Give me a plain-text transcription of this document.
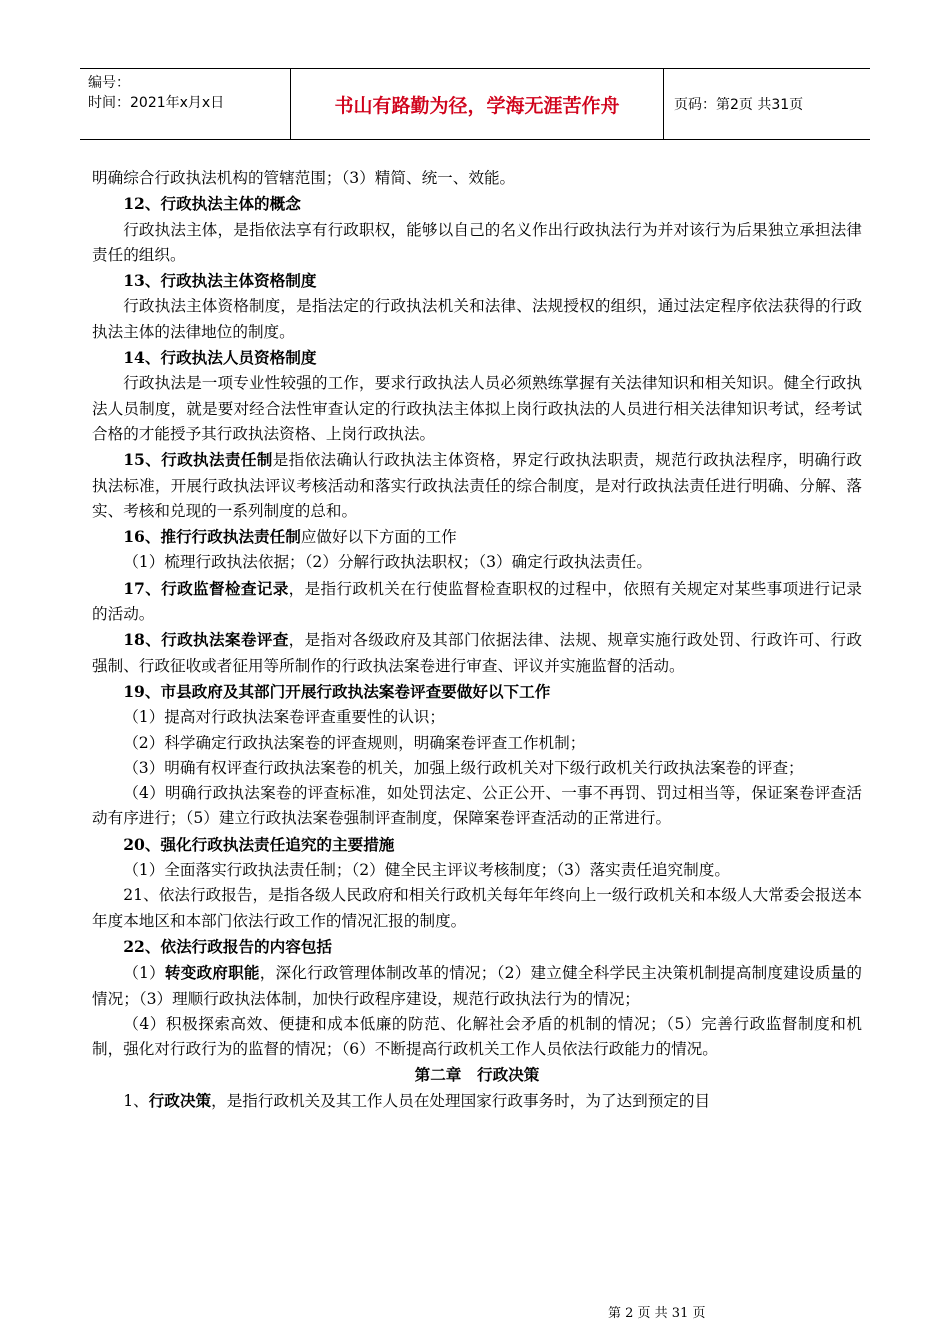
编号：
时间：2021年x月x日	书山有路勤为径，学海无涯苦作舟	页码：第2页 共31页

明确综合行政执法机构的管辖范围；（3）精简、统一、效能。

12、行政执法主体的概念

行政执法主体，是指依法享有行政职权，能够以自己的名义作出行政执法行为并对该行为后果独立承担法律责任的组织。

13、行政执法主体资格制度

行政执法主体资格制度，是指法定的行政执法机关和法律、法规授权的组织，通过法定程序依法获得的行政执法主体的法律地位的制度。

14、行政执法人员资格制度

行政执法是一项专业性较强的工作，要求行政执法人员必须熟练掌握有关法律知识和相关知识。健全行政执法人员制度，就是要对经合法性审查认定的行政执法主体拟上岗行政执法的人员进行相关法律知识考试，经考试合格的才能授予其行政执法资格、上岗行政执法。

15、行政执法责任制是指依法确认行政执法主体资格，界定行政执法职责，规范行政执法程序，明确行政执法标准，开展行政执法评议考核活动和落实行政执法责任的综合制度，是对行政执法责任进行明确、分解、落实、考核和兑现的一系列制度的总和。

16、推行行政执法责任制应做好以下方面的工作

（1）梳理行政执法依据；（2）分解行政执法职权；（3）确定行政执法责任。

17、行政监督检查记录，是指行政机关在行使监督检查职权的过程中，依照有关规定对某些事项进行记录的活动。

18、行政执法案卷评查，是指对各级政府及其部门依据法律、法规、规章实施行政处罚、行政许可、行政强制、行政征收或者征用等所制作的行政执法案卷进行审查、评议并实施监督的活动。

19、市县政府及其部门开展行政执法案卷评查要做好以下工作

（1）提高对行政执法案卷评查重要性的认识；

（2）科学确定行政执法案卷的评查规则，明确案卷评查工作机制；

（3）明确有权评查行政执法案卷的机关，加强上级行政机关对下级行政机关行政执法案卷的评查；

（4）明确行政执法案卷的评查标准，如处罚法定、公正公开、一事不再罚、罚过相当等，保证案卷评查活动有序进行；（5）建立行政执法案卷强制评查制度，保障案卷评查活动的正常进行。

20、强化行政执法责任追究的主要措施

（1）全面落实行政执法责任制；（2）健全民主评议考核制度；（3）落实责任追究制度。

21、依法行政报告，是指各级人民政府和相关行政机关每年年终向上一级行政机关和本级人大常委会报送本年度本地区和本部门依法行政工作的情况汇报的制度。

22、依法行政报告的内容包括

（1）转变政府职能，深化行政管理体制改革的情况；（2）建立健全科学民主决策机制提高制度建设质量的情况；（3）理顺行政执法体制，加快行政程序建设，规范行政执法行为的情况；

（4）积极探索高效、便捷和成本低廉的防范、化解社会矛盾的机制的情况；（5）完善行政监督制度和机制，强化对行政行为的监督的情况；（6）不断提高行政机关工作人员依法行政能力的情况。

第二章　行政决策

1、行政决策，是指行政机关及其工作人员在处理国家行政事务时，为了达到预定的目

第 2 页 共 31 页
